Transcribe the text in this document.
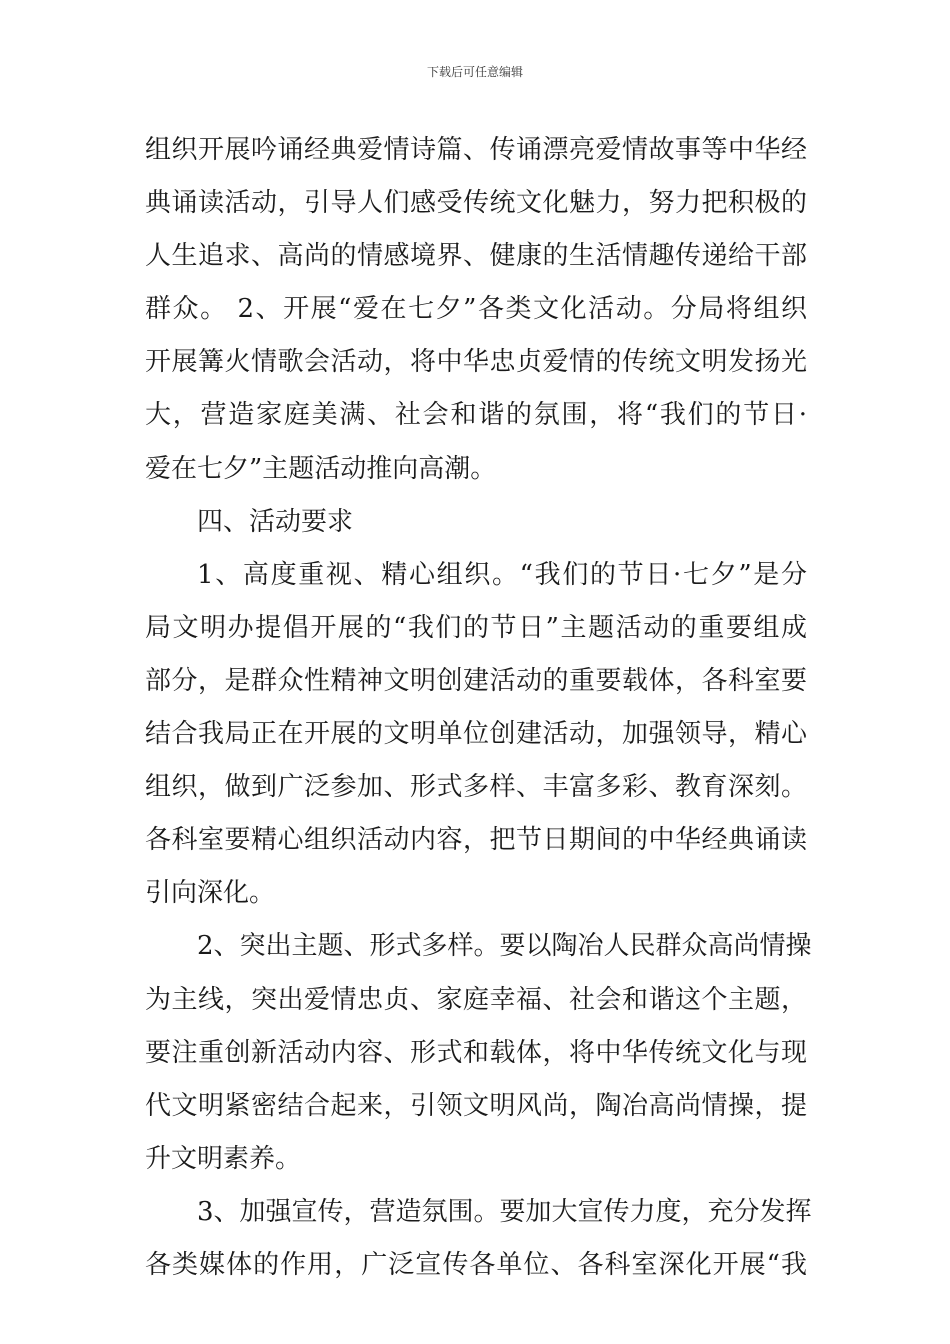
下载后可任意编辑
组织开展吟诵经典爱情诗篇、传诵漂亮爱情故事等中华经
典诵读活动，引导人们感受传统文化魅力，努力把积极的
人生追求、高尚的情感境界、健康的生活情趣传递给干部
群众。 2、开展“爱在七夕”各类文化活动。分局将组织
开展篝火情歌会活动，将中华忠贞爱情的传统文明发扬光
大，营造家庭美满、社会和谐的氛围，将“我们的节日·
爱在七夕”主题活动推向高潮。
四、活动要求
1、高度重视、精心组织。“我们的节日·七夕”是分
局文明办提倡开展的“我们的节日”主题活动的重要组成
部分，是群众性精神文明创建活动的重要载体，各科室要
结合我局正在开展的文明单位创建活动，加强领导，精心
组织，做到广泛参加、形式多样、丰富多彩、教育深刻。
各科室要精心组织活动内容，把节日期间的中华经典诵读
引向深化。
2、突出主题、形式多样。要以陶冶人民群众高尚情操
为主线，突出爱情忠贞、家庭幸福、社会和谐这个主题，
要注重创新活动内容、形式和载体，将中华传统文化与现
代文明紧密结合起来，引领文明风尚，陶冶高尚情操，提
升文明素养。
3、加强宣传，营造氛围。要加大宣传力度，充分发挥
各类媒体的作用，广泛宣传各单位、各科室深化开展“我
